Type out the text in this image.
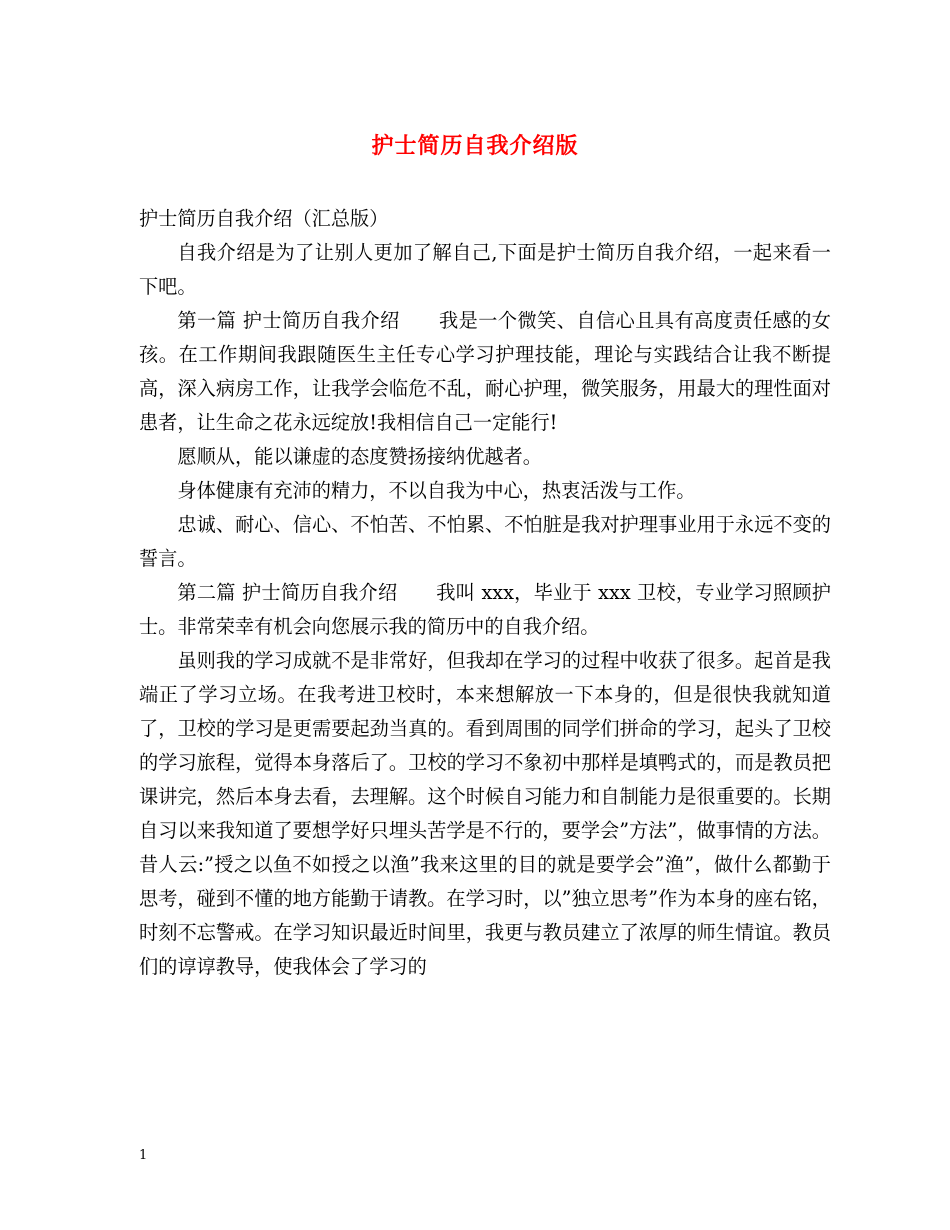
护士简历自我介绍版

护士简历自我介绍（汇总版）

自我介绍是为了让别人更加了解自己,下面是护士简历自我介绍，一起来看一下吧。

第一篇 护士简历自我介绍　　我是一个微笑、自信心且具有高度责任感的女孩。在工作期间我跟随医生主任专心学习护理技能，理论与实践结合让我不断提高，深入病房工作，让我学会临危不乱，耐心护理，微笑服务，用最大的理性面对患者，让生命之花永远绽放!我相信自己一定能行!

愿顺从，能以谦虚的态度赞扬接纳优越者。

身体健康有充沛的精力，不以自我为中心，热衷活泼与工作。

忠诚、耐心、信心、不怕苦、不怕累、不怕脏是我对护理事业用于永远不变的誓言。

第二篇 护士简历自我介绍　　我叫 xxx，毕业于 xxx 卫校，专业学习照顾护士。非常荣幸有机会向您展示我的简历中的自我介绍。

虽则我的学习成就不是非常好，但我却在学习的过程中收获了很多。起首是我端正了学习立场。在我考进卫校时，本来想解放一下本身的，但是很快我就知道了，卫校的学习是更需要起劲当真的。看到周围的同学们拼命的学习，起头了卫校的学习旅程，觉得本身落后了。卫校的学习不象初中那样是填鸭式的，而是教员把课讲完，然后本身去看，去理解。这个时候自习能力和自制能力是很重要的。长期自习以来我知道了要想学好只埋头苦学是不行的，要学会”方法”，做事情的方法。昔人云:”授之以鱼不如授之以渔”我来这里的目的就是要学会”渔”，做什么都勤于思考，碰到不懂的地方能勤于请教。在学习时，以”独立思考”作为本身的座右铭，时刻不忘警戒。在学习知识最近时间里，我更与教员建立了浓厚的师生情谊。教员们的谆谆教导，使我体会了学习的

1
